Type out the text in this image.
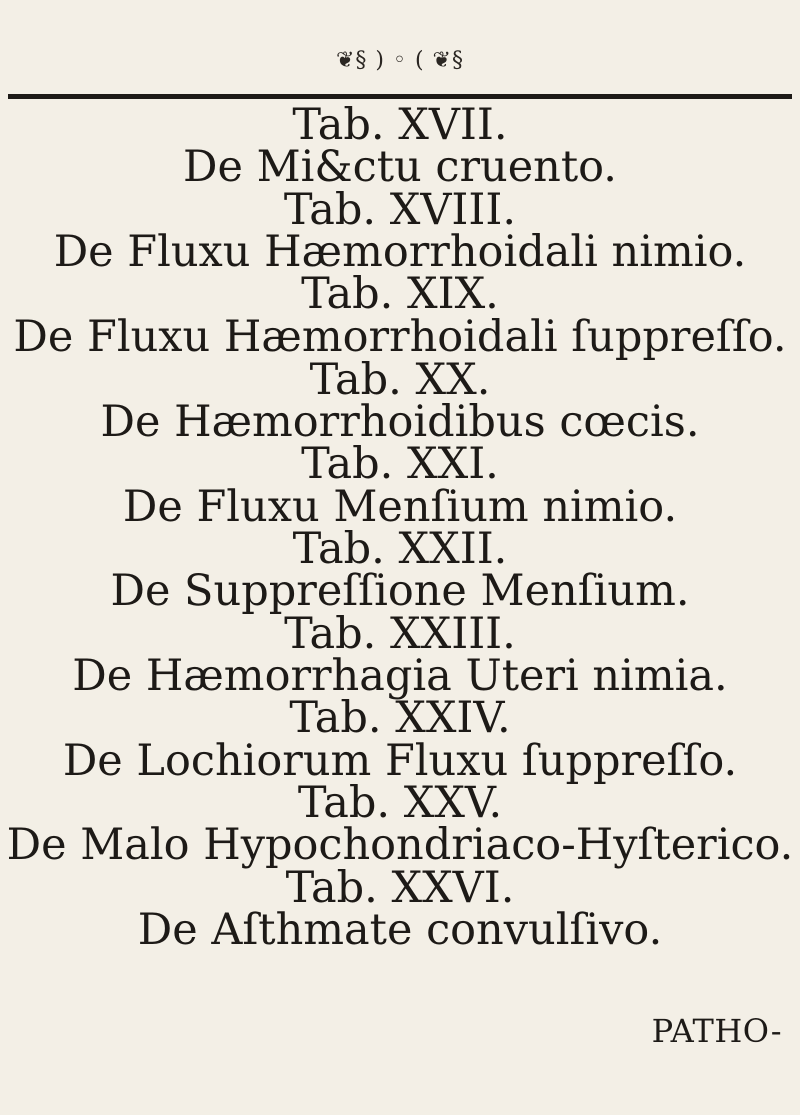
❦§ ) ◦ ( ❦§
Tab. XVII.
De Mi&ctu cruento.
Tab. XVIII.
De Fluxu Hæmorrhoidali nimio.
Tab. XIX.
De Fluxu Hæmorrhoidali ſuppreſſo.
Tab. XX.
De Hæmorrhoidibus cœcis.
Tab. XXI.
De Fluxu Menſium nimio.
Tab. XXII.
De Suppreſſione Menſium.
Tab. XXIII.
De Hæmorrhagia Uteri nimia.
Tab. XXIV.
De Lochiorum Fluxu ſuppreſſo.
Tab. XXV.
De Malo Hypochondriaco-Hyſterico.
Tab. XXVI.
De Aſthmate convulſivo.
PATHO-
